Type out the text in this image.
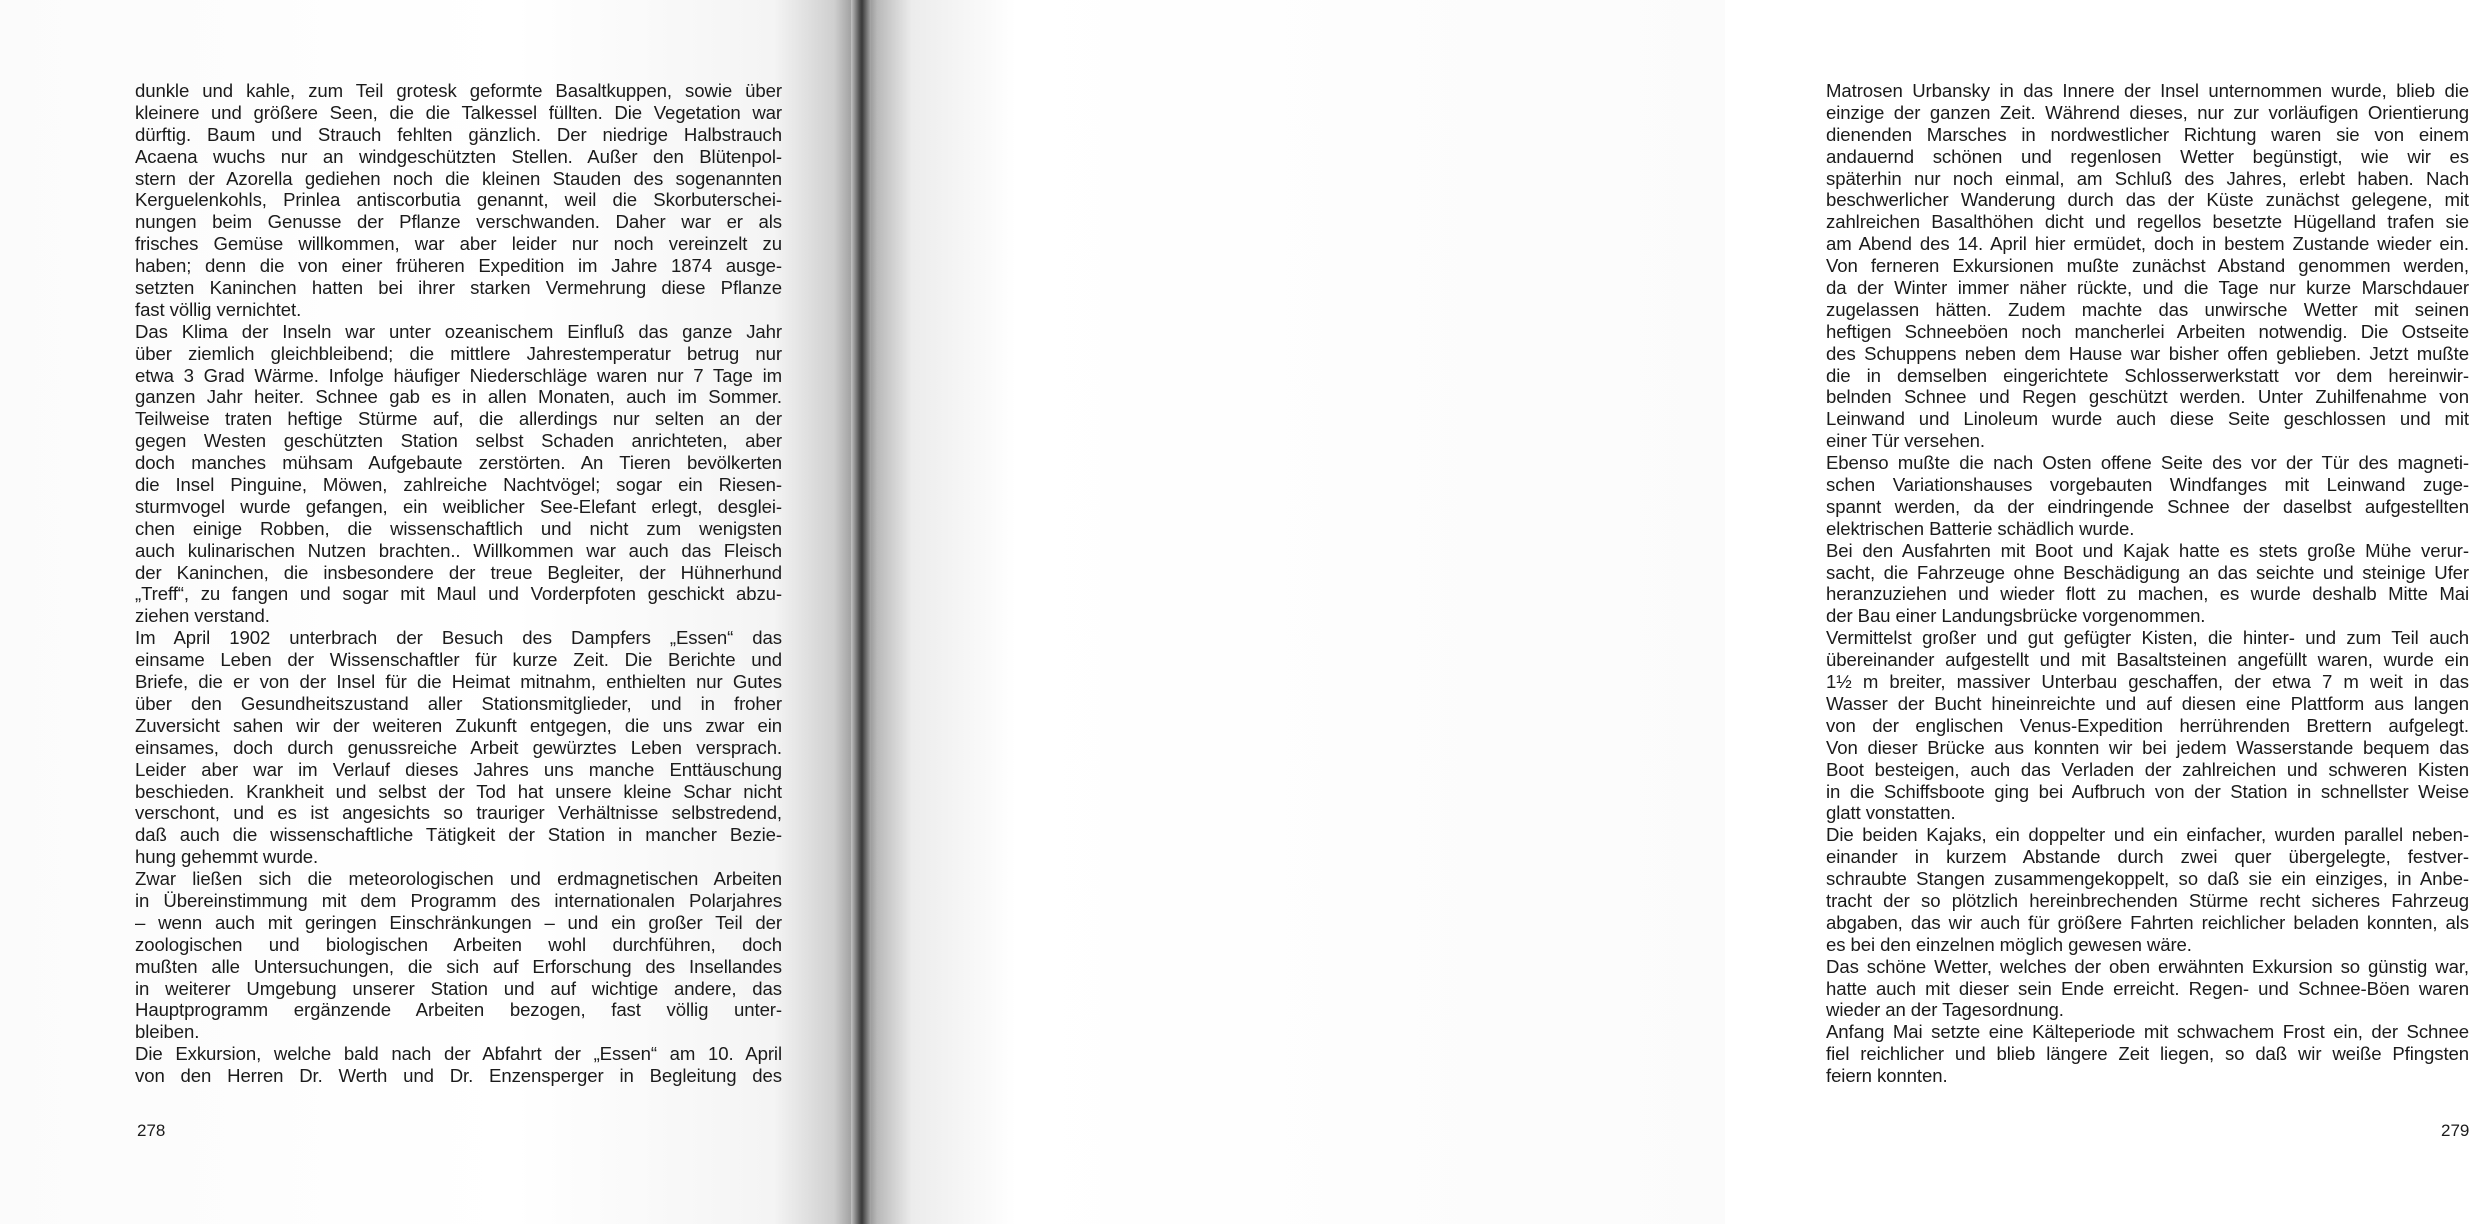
dunkle und kahle, zum Teil grotesk geformte Basaltkuppen, sowie über
kleinere und größere Seen, die die Talkessel füllten. Die Vegetation war
dürftig. Baum und Strauch fehlten gänzlich. Der niedrige Halbstrauch
Acaena wuchs nur an windgeschützten Stellen. Außer den Blütenpol-
stern der Azorella gediehen noch die kleinen Stauden des sogenannten
Kerguelenkohls, Prinlea antiscorbutia genannt, weil die Skorbuterschei-
nungen beim Genusse der Pflanze verschwanden. Daher war er als
frisches Gemüse willkommen, war aber leider nur noch vereinzelt zu
haben; denn die von einer früheren Expedition im Jahre 1874 ausge-
setzten Kaninchen hatten bei ihrer starken Vermehrung diese Pflanze
fast völlig vernichtet.
Das Klima der Inseln war unter ozeanischem Einfluß das ganze Jahr
über ziemlich gleichbleibend; die mittlere Jahrestemperatur betrug nur
etwa 3 Grad Wärme. Infolge häufiger Niederschläge waren nur 7 Tage im
ganzen Jahr heiter. Schnee gab es in allen Monaten, auch im Sommer.
Teilweise traten heftige Stürme auf, die allerdings nur selten an der
gegen Westen geschützten Station selbst Schaden anrichteten, aber
doch manches mühsam Aufgebaute zerstörten. An Tieren bevölkerten
die Insel Pinguine, Möwen, zahlreiche Nachtvögel; sogar ein Riesen-
sturmvogel wurde gefangen, ein weiblicher See-Elefant erlegt, desglei-
chen einige Robben, die wissenschaftlich und nicht zum wenigsten
auch kulinarischen Nutzen brachten.. Willkommen war auch das Fleisch
der Kaninchen, die insbesondere der treue Begleiter, der Hühnerhund
„Treff“, zu fangen und sogar mit Maul und Vorderpfoten geschickt abzu-
ziehen verstand.
Im April 1902 unterbrach der Besuch des Dampfers „Essen“ das
einsame Leben der Wissenschaftler für kurze Zeit. Die Berichte und
Briefe, die er von der Insel für die Heimat mitnahm, enthielten nur Gutes
über den Gesundheitszustand aller Stationsmitglieder, und in froher
Zuversicht sahen wir der weiteren Zukunft entgegen, die uns zwar ein
einsames, doch durch genussreiche Arbeit gewürztes Leben versprach.
Leider aber war im Verlauf dieses Jahres uns manche Enttäuschung
beschieden. Krankheit und selbst der Tod hat unsere kleine Schar nicht
verschont, und es ist angesichts so trauriger Verhältnisse selbstredend,
daß auch die wissenschaftliche Tätigkeit der Station in mancher Bezie-
hung gehemmt wurde.
Zwar ließen sich die meteorologischen und erdmagnetischen Arbeiten
in Übereinstimmung mit dem Programm des internationalen Polarjahres
– wenn auch mit geringen Einschränkungen – und ein großer Teil der
zoologischen und biologischen Arbeiten wohl durchführen, doch
mußten alle Untersuchungen, die sich auf Erforschung des Insellandes
in weiterer Umgebung unserer Station und auf wichtige andere, das
Hauptprogramm ergänzende Arbeiten bezogen, fast völlig unter-
bleiben.
Die Exkursion, welche bald nach der Abfahrt der „Essen“ am 10. April
von den Herren Dr. Werth und Dr. Enzensperger in Begleitung des
278
Matrosen Urbansky in das Innere der Insel unternommen wurde, blieb die
einzige der ganzen Zeit. Während dieses, nur zur vorläufigen Orientierung
dienenden Marsches in nordwestlicher Richtung waren sie von einem
andauernd schönen und regenlosen Wetter begünstigt, wie wir es
späterhin nur noch einmal, am Schluß des Jahres, erlebt haben. Nach
beschwerlicher Wanderung durch das der Küste zunächst gelegene, mit
zahlreichen Basalthöhen dicht und regellos besetzte Hügelland trafen sie
am Abend des 14. April hier ermüdet, doch in bestem Zustande wieder ein.
Von ferneren Exkursionen mußte zunächst Abstand genommen werden,
da der Winter immer näher rückte, und die Tage nur kurze Marschdauer
zugelassen hätten. Zudem machte das unwirsche Wetter mit seinen
heftigen Schneeböen noch mancherlei Arbeiten notwendig. Die Ostseite
des Schuppens neben dem Hause war bisher offen geblieben. Jetzt mußte
die in demselben eingerichtete Schlosserwerkstatt vor dem hereinwir-
belnden Schnee und Regen geschützt werden. Unter Zuhilfenahme von
Leinwand und Linoleum wurde auch diese Seite geschlossen und mit
einer Tür versehen.
Ebenso mußte die nach Osten offene Seite des vor der Tür des magneti-
schen Variationshauses vorgebauten Windfanges mit Leinwand zuge-
spannt werden, da der eindringende Schnee der daselbst aufgestellten
elektrischen Batterie schädlich wurde.
Bei den Ausfahrten mit Boot und Kajak hatte es stets große Mühe verur-
sacht, die Fahrzeuge ohne Beschädigung an das seichte und steinige Ufer
heranzuziehen und wieder flott zu machen, es wurde deshalb Mitte Mai
der Bau einer Landungsbrücke vorgenommen.
Vermittelst großer und gut gefügter Kisten, die hinter- und zum Teil auch
übereinander aufgestellt und mit Basaltsteinen angefüllt waren, wurde ein
1½ m breiter, massiver Unterbau geschaffen, der etwa 7 m weit in das
Wasser der Bucht hineinreichte und auf diesen eine Plattform aus langen
von der englischen Venus-Expedition herrührenden Brettern aufgelegt.
Von dieser Brücke aus konnten wir bei jedem Wasserstande bequem das
Boot besteigen, auch das Verladen der zahlreichen und schweren Kisten
in die Schiffsboote ging bei Aufbruch von der Station in schnellster Weise
glatt vonstatten.
Die beiden Kajaks, ein doppelter und ein einfacher, wurden parallel neben-
einander in kurzem Abstande durch zwei quer übergelegte, festver-
schraubte Stangen zusammengekoppelt, so daß sie ein einziges, in Anbe-
tracht der so plötzlich hereinbrechenden Stürme recht sicheres Fahrzeug
abgaben, das wir auch für größere Fahrten reichlicher beladen konnten, als
es bei den einzelnen möglich gewesen wäre.
Das schöne Wetter, welches der oben erwähnten Exkursion so günstig war,
hatte auch mit dieser sein Ende erreicht. Regen- und Schnee-Böen waren
wieder an der Tagesordnung.
Anfang Mai setzte eine Kälteperiode mit schwachem Frost ein, der Schnee
fiel reichlicher und blieb längere Zeit liegen, so daß wir weiße Pfingsten
feiern konnten.
279
